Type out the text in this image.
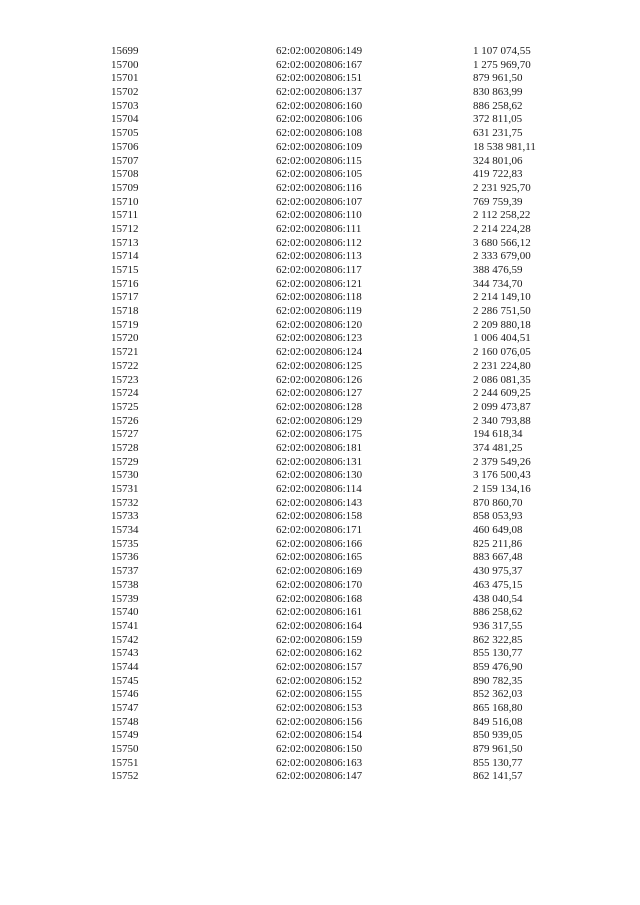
15699	62:02:0020806:149	1 107 074,55
15700	62:02:0020806:167	1 275 969,70
15701	62:02:0020806:151	879 961,50
15702	62:02:0020806:137	830 863,99
15703	62:02:0020806:160	886 258,62
15704	62:02:0020806:106	372 811,05
15705	62:02:0020806:108	631 231,75
15706	62:02:0020806:109	18 538 981,11
15707	62:02:0020806:115	324 801,06
15708	62:02:0020806:105	419 722,83
15709	62:02:0020806:116	2 231 925,70
15710	62:02:0020806:107	769 759,39
15711	62:02:0020806:110	2 112 258,22
15712	62:02:0020806:111	2 214 224,28
15713	62:02:0020806:112	3 680 566,12
15714	62:02:0020806:113	2 333 679,00
15715	62:02:0020806:117	388 476,59
15716	62:02:0020806:121	344 734,70
15717	62:02:0020806:118	2 214 149,10
15718	62:02:0020806:119	2 286 751,50
15719	62:02:0020806:120	2 209 880,18
15720	62:02:0020806:123	1 006 404,51
15721	62:02:0020806:124	2 160 076,05
15722	62:02:0020806:125	2 231 224,80
15723	62:02:0020806:126	2 086 081,35
15724	62:02:0020806:127	2 244 609,25
15725	62:02:0020806:128	2 099 473,87
15726	62:02:0020806:129	2 340 793,88
15727	62:02:0020806:175	194 618,34
15728	62:02:0020806:181	374 481,25
15729	62:02:0020806:131	2 379 549,26
15730	62:02:0020806:130	3 176 500,43
15731	62:02:0020806:114	2 159 134,16
15732	62:02:0020806:143	870 860,70
15733	62:02:0020806:158	858 053,93
15734	62:02:0020806:171	460 649,08
15735	62:02:0020806:166	825 211,86
15736	62:02:0020806:165	883 667,48
15737	62:02:0020806:169	430 975,37
15738	62:02:0020806:170	463 475,15
15739	62:02:0020806:168	438 040,54
15740	62:02:0020806:161	886 258,62
15741	62:02:0020806:164	936 317,55
15742	62:02:0020806:159	862 322,85
15743	62:02:0020806:162	855 130,77
15744	62:02:0020806:157	859 476,90
15745	62:02:0020806:152	890 782,35
15746	62:02:0020806:155	852 362,03
15747	62:02:0020806:153	865 168,80
15748	62:02:0020806:156	849 516,08
15749	62:02:0020806:154	850 939,05
15750	62:02:0020806:150	879 961,50
15751	62:02:0020806:163	855 130,77
15752	62:02:0020806:147	862 141,57
